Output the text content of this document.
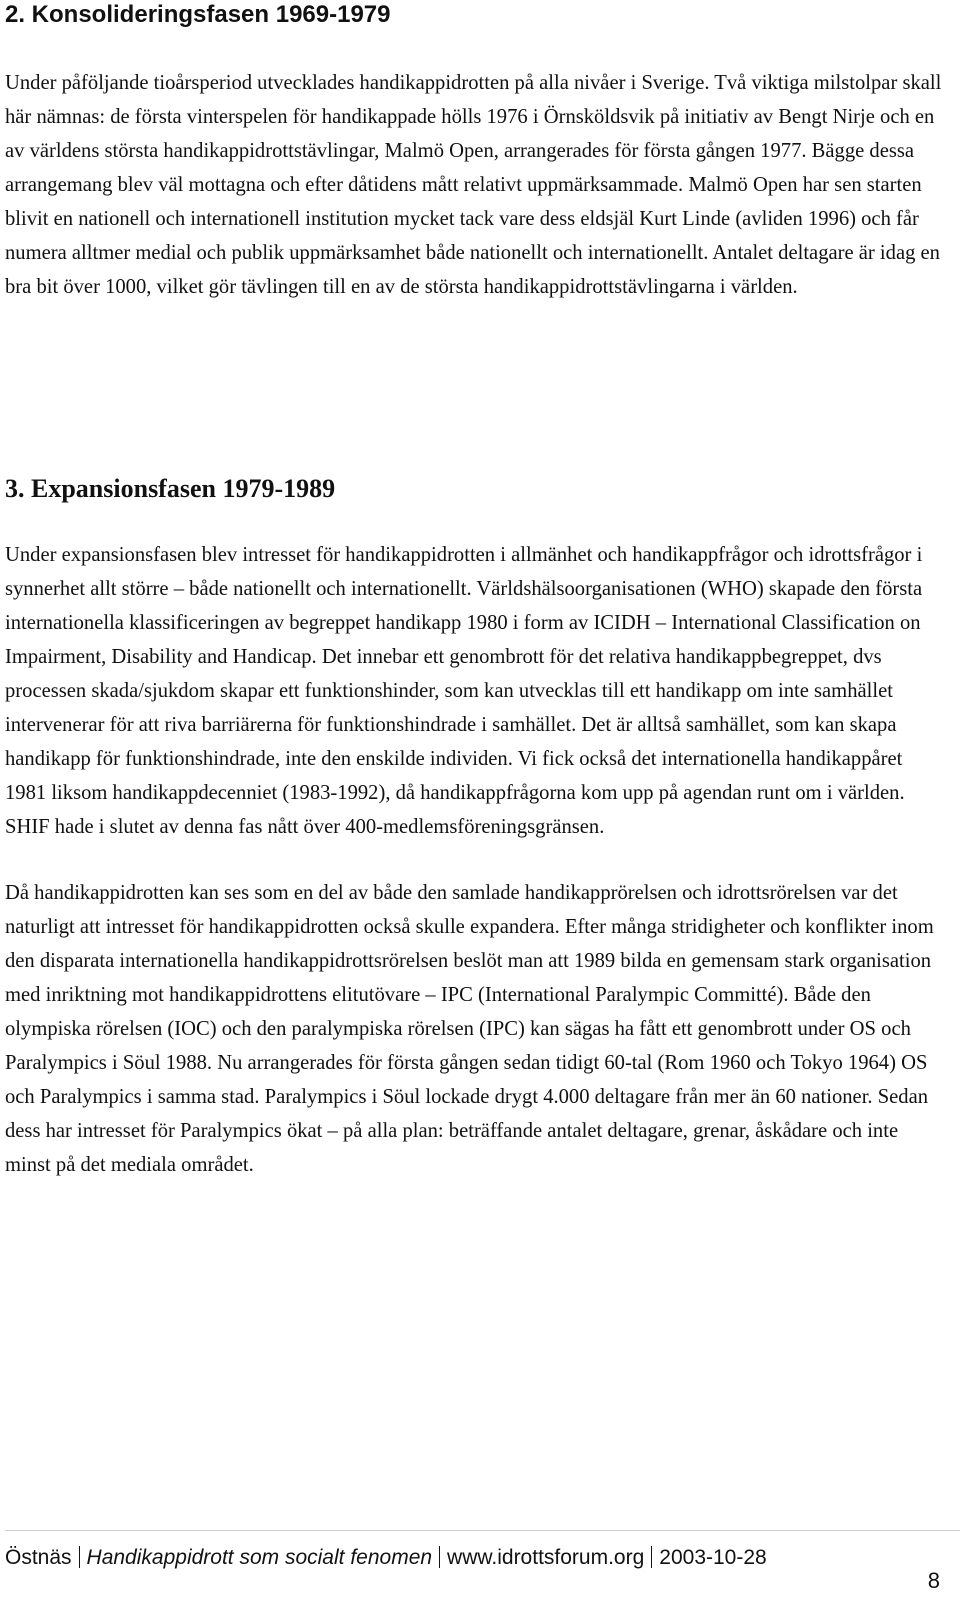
2. Konsolideringsfasen 1969-1979

Under påföljande tioårsperiod utvecklades handikappidrotten på alla nivåer i Sverige. Två viktiga milstolpar skall här nämnas: de första vinterspelen för handikappade hölls 1976 i Örnsköldsvik på initiativ av Bengt Nirje och en av världens största handikappidrottstävlingar, Malmö Open, arrangerades för första gången 1977. Bägge dessa arrangemang blev väl mottagna och efter dåtidens mått relativt uppmärksammade. Malmö Open har sen starten blivit en nationell och internationell institution mycket tack vare dess eldsjäl Kurt Linde (avliden 1996) och får numera alltmer medial och publik uppmärksamhet både nationellt och internationellt. Antalet deltagare är idag en bra bit över 1000, vilket gör tävlingen till en av de största handikappidrottstävlingarna i världen.

3. Expansionsfasen 1979-1989

Under expansionsfasen blev intresset för handikappidrotten i allmänhet och handikappfrågor och idrottsfrågor i synnerhet allt större – både nationellt och internationellt. Världshälsoorganisationen (WHO) skapade den första internationella klassificeringen av begreppet handikapp 1980 i form av ICIDH – International Classification on Impairment, Disability and Handicap. Det innebar ett genombrott för det relativa handikappbegreppet, dvs processen skada/sjukdom skapar ett funktionshinder, som kan utvecklas till ett handikapp om inte samhället intervenerar för att riva barriärerna för funktionshindrade i samhället. Det är alltså samhället, som kan skapa handikapp för funktionshindrade, inte den enskilde individen. Vi fick också det internationella handikappåret 1981 liksom handikappdecenniet (1983-1992), då handikappfrågorna kom upp på agendan runt om i världen. SHIF hade i slutet av denna fas nått över 400-medlemsföreningsgränsen.

Då handikappidrotten kan ses som en del av både den samlade handikapprörelsen och idrottsrörelsen var det naturligt att intresset för handikappidrotten också skulle expandera. Efter många stridigheter och konflikter inom den disparata internationella handikappidrottsrörelsen beslöt man att 1989 bilda en gemensam stark organisation med inriktning mot handikappidrottens elitutövare – IPC (International Paralympic Committé). Både den olympiska rörelsen (IOC) och den paralympiska rörelsen (IPC) kan sägas ha fått ett genombrott under OS och Paralympics i Söul 1988. Nu arrangerades för första gången sedan tidigt 60-tal (Rom 1960 och Tokyo 1964) OS och Paralympics i samma stad. Paralympics i Söul lockade drygt 4.000 deltagare från mer än 60 nationer. Sedan dess har intresset för Paralympics ökat – på alla plan: beträffande antalet deltagare, grenar, åskådare och inte minst på det mediala området.

Östnäs Handikappidrott som socialt fenomen www.idrottsforum.org 2003-10-28
8
